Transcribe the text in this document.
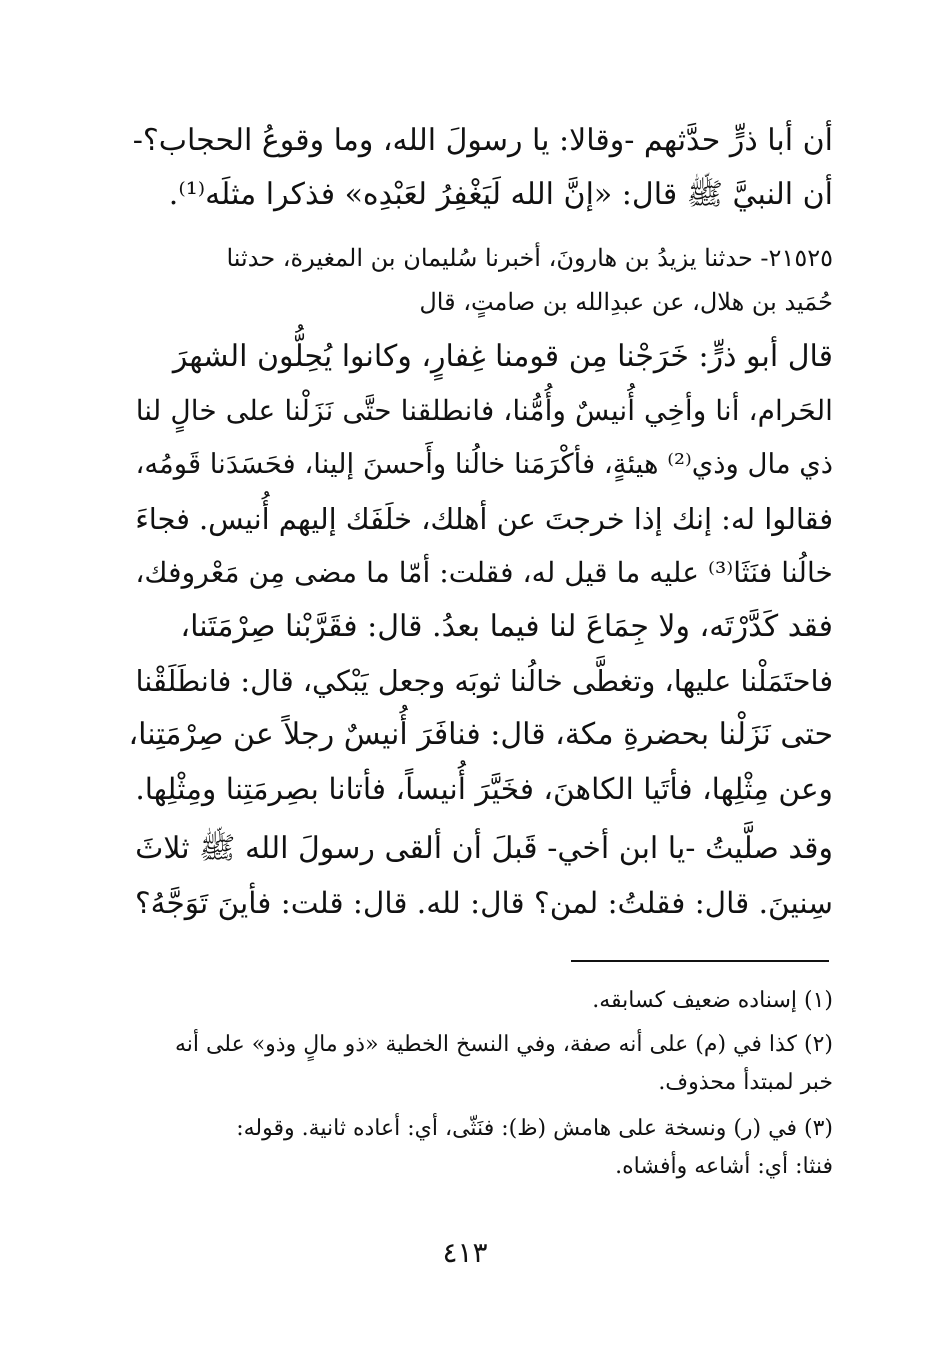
أن أبا ذرٍّ حدَّثهم -وقالا: يا رسولَ الله، وما وقوعُ الحجاب؟-
أن النبيَّ ﷺ قال: «إنَّ الله لَيَغْفِرُ لعَبْدِه» فذكرا مثلَه⁽¹⁾.
٢١٥٢٥- حدثنا يزيدُ بن هارونَ، أخبرنا سُليمان بن المغيرة، حدثنا
حُمَيد بن هلال، عن عبدِالله بن صامتٍ، قال
قال أبو ذرٍّ: خَرَجْنا مِن قومنا غِفارٍ، وكانوا يُحِلُّون الشهرَ
الحَرام، أنا وأخِي أُنيسٌ وأُمُّنا، فانطلقنا حتَّى نَزَلْنا على خالٍ لنا
ذي مال وذي⁽²⁾ هيئةٍ، فأكْرَمَنا خالُنا وأَحسنَ إلينا، فحَسَدَنا قَومُه،
فقالوا له: إنك إذا خرجتَ عن أهلك، خلَفَك إليهم أُنيس. فجاءَ
خالُنا فنَثَا⁽³⁾ عليه ما قيل له، فقلت: أمّا ما مضى مِن مَعْروفك،
فقد كَدَّرْتَه، ولا جِمَاعَ لنا فيما بعدُ. قال: فقَرَّبْنا صِرْمَتَنا،
فاحتَمَلْنا عليها، وتغطَّى خالُنا ثوبَه وجعل يَبْكي، قال: فانطَلَقْنا
حتى نَزَلْنا بحضرةِ مكة، قال: فنافَرَ أُنيسٌ رجلاً عن صِرْمَتِنا،
وعن مِثْلِها، فأتَيا الكاهنَ، فخَيَّرَ أُنيساً، فأتانا بصِرمَتِنا ومِثْلِها.
وقد صلَّيتُ -يا ابن أخي- قَبلَ أن ألقى رسولَ الله ﷺ ثلاثَ
سِنينَ. قال: فقلتُ: لمن؟ قال: لله. قال: قلت: فأينَ تَوَجَّهُ؟
(١) إسناده ضعيف كسابقه.
(٢) كذا في (م) على أنه صفة، وفي النسخ الخطية «ذو مالٍ وذو» على أنه
خبر لمبتدأ محذوف.
(٣) في (ر) ونسخة على هامش (ظ): فنَثّى، أي: أعاده ثانية. وقوله:
فنثا: أي: أشاعه وأفشاه.
٤١٣
